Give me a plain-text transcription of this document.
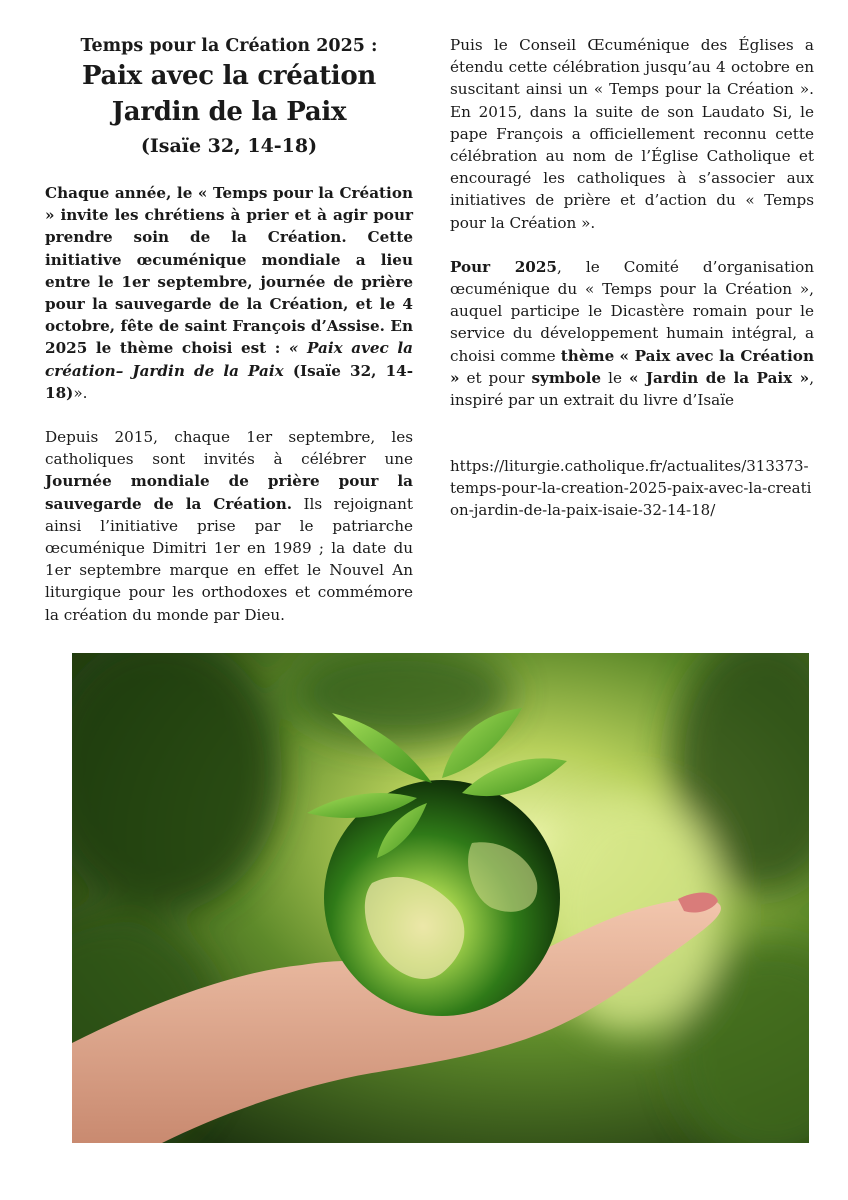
Temps pour la Création 2025 :
Paix avec la création
Jardin de la Paix
(Isaïe 32, 14-18)

Chaque année, le « Temps pour la Création » invite les chrétiens à prier et à agir pour prendre soin de la Création. Cette initiative œcuménique mondiale a lieu entre le 1er septembre, journée de prière pour la sauvegarde de la Création, et le 4 octobre, fête de saint François d’Assise. En 2025 le thème choisi est : « Paix avec la création– Jardin de la Paix (Isaïe 32, 14-18)».

Depuis 2015, chaque 1er septembre, les catholiques sont invités à célébrer une Journée mondiale de prière pour la sauvegarde de la Création. Ils rejoignant ainsi l’initiative prise par le patriarche œcuménique Dimitri 1er en 1989 ; la date du 1er septembre marque en effet le Nouvel An liturgique pour les orthodoxes et commémore la création du monde par Dieu.

Puis le Conseil Œcuménique des Églises a étendu cette célébration jusqu’au 4 octobre en suscitant ainsi un « Temps pour la Création ». En 2015, dans la suite de son Laudato Si, le pape François a officiellement reconnu cette célébration au nom de l’Église Catholique et encouragé les catholiques à s’associer aux initiatives de prière et d’action du « Temps pour la Création ».

Pour 2025, le Comité d’organisation œcuménique du « Temps pour la Création », auquel participe le Dicastère romain pour le service du développement humain intégral, a choisi comme thème « Paix avec la Création » et pour symbole le « Jardin de la Paix », inspiré par un extrait du livre d’Isaïe

https://liturgie.catholique.fr/actualites/313373-temps-pour-la-creation-2025-paix-avec-la-creation-jardin-de-la-paix-isaie-32-14-18/
